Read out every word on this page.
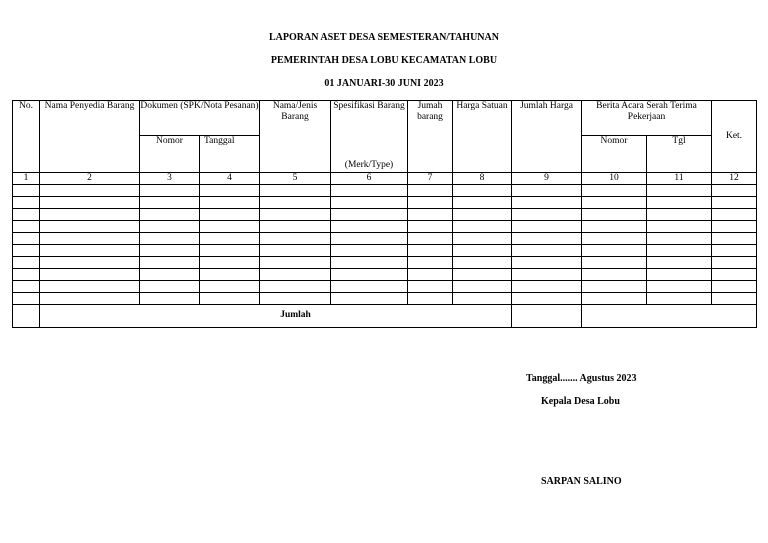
LAPORAN ASET DESA SEMESTERAN/TAHUNAN

PEMERINTAH DESA LOBU KECAMATAN LOBU

01 JANUARI-30 JUNI 2023

No.	Nama Penyedia Barang	Dokumen (SPK/Nota Pesanan)		Nama/Jenis Barang	Spesifikasi Barang	Jumah barang	Harga Satuan	Jumlah Harga	Berita Acara Serah Terima Pekerjaan		Ket.
		Nomor	Tanggal		(Merk/Type)				Nomor	Tgl	
1	2	3	4	5	6	7	8	9	10	11	12

	Jumlah										

Tanggal....... Agustus 2023

Kepala Desa Lobu

SARPAN SALINO
